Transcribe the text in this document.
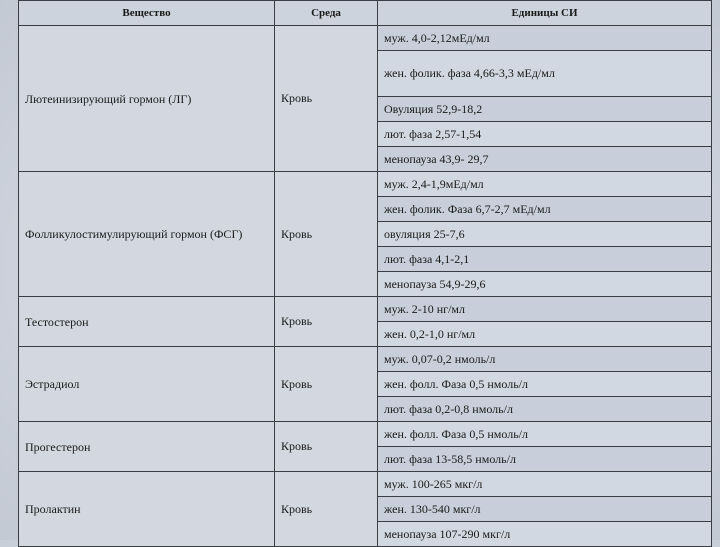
Вещество	Среда	Единицы СИ
Лютеинизирующий гормон (ЛГ)	Кровь	муж. 4,0-2,12мЕд/мл
		жен. фолик. фаза 4,66-3,3 мЕд/мл
		Овуляция 52,9-18,2
		лют. фаза 2,57-1,54
		менопауза 43,9- 29,7
Фолликулостимулирующий гормон (ФСГ)	Кровь	муж. 2,4-1,9мЕд/мл
		жен. фолик. Фаза 6,7-2,7 мЕд/мл
		овуляция 25-7,6
		лют. фаза 4,1-2,1
		менопауза 54,9-29,6
Тестостерон	Кровь	муж. 2-10 нг/мл
		жен. 0,2-1,0 нг/мл
Эстрадиол	Кровь	муж. 0,07-0,2 нмоль/л
		жен. фолл. Фаза 0,5 нмоль/л
		лют. фаза 0,2-0,8 нмоль/л
Прогестерон	Кровь	жен. фолл. Фаза 0,5 нмоль/л
		лют. фаза 13-58,5 нмоль/л
Пролактин	Кровь	муж. 100-265 мкг/л
		жен. 130-540 мкг/л
		менопауза 107-290 мкг/л
